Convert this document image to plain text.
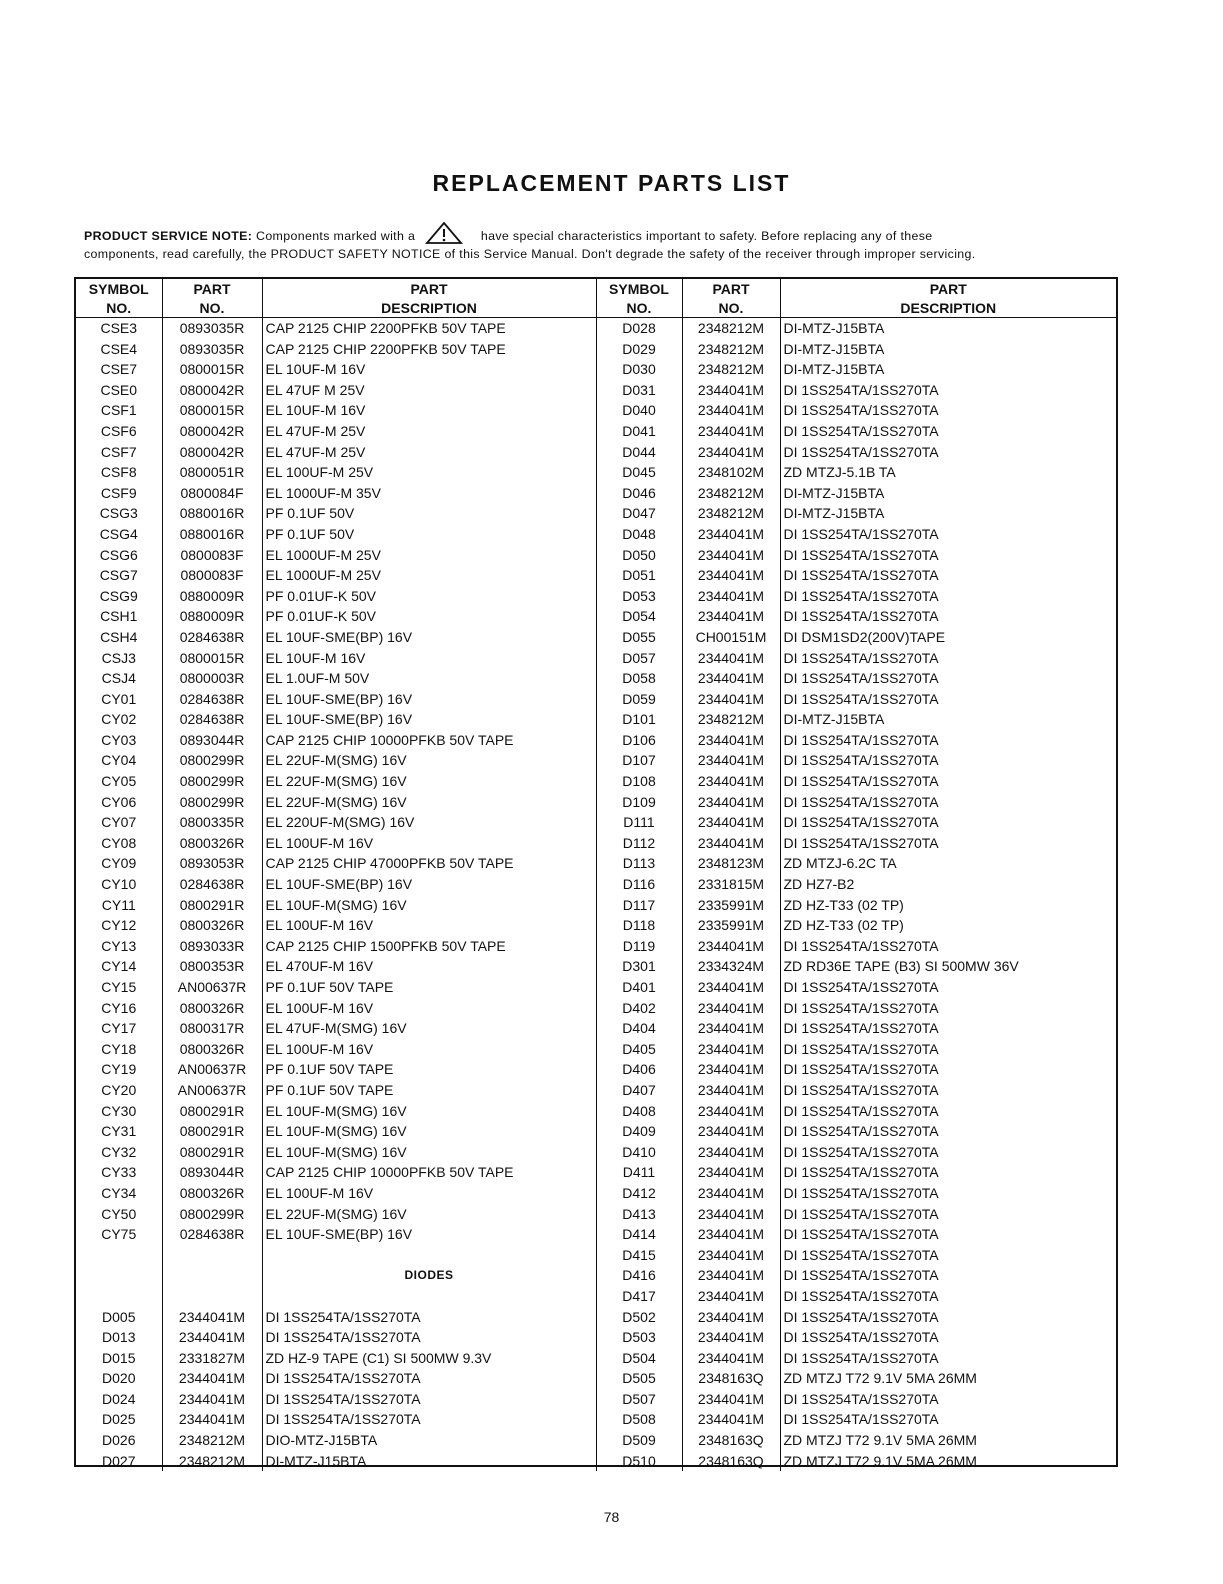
REPLACEMENT PARTS LIST
PRODUCT SERVICE NOTE: Components marked with a	have special characteristics important to safety. Before replacing any of these
components, read carefully, the PRODUCT SAFETY NOTICE of this Service Manual. Don't degrade the safety of the receiver through improper servicing.
SYMBOL	PART	PART	SYMBOL	PART	PART
NO.	NO.	DESCRIPTION	NO.	NO.	DESCRIPTION
CSE3	0893035R	CAP 2125 CHIP 2200PFKB 50V TAPE	D028	2348212M	DI-MTZ-J15BTA
CSE4	0893035R	CAP 2125 CHIP 2200PFKB 50V TAPE	D029	2348212M	DI-MTZ-J15BTA
CSE7	0800015R	EL 10UF-M 16V	D030	2348212M	DI-MTZ-J15BTA
CSE0	0800042R	EL 47UF M 25V	D031	2344041M	DI 1SS254TA/1SS270TA
CSF1	0800015R	EL 10UF-M 16V	D040	2344041M	DI 1SS254TA/1SS270TA
CSF6	0800042R	EL 47UF-M 25V	D041	2344041M	DI 1SS254TA/1SS270TA
CSF7	0800042R	EL 47UF-M 25V	D044	2344041M	DI 1SS254TA/1SS270TA
CSF8	0800051R	EL 100UF-M 25V	D045	2348102M	ZD MTZJ-5.1B TA
CSF9	0800084F	EL 1000UF-M 35V	D046	2348212M	DI-MTZ-J15BTA
CSG3	0880016R	PF 0.1UF 50V	D047	2348212M	DI-MTZ-J15BTA
CSG4	0880016R	PF 0.1UF 50V	D048	2344041M	DI 1SS254TA/1SS270TA
CSG6	0800083F	EL 1000UF-M 25V	D050	2344041M	DI 1SS254TA/1SS270TA
CSG7	0800083F	EL 1000UF-M 25V	D051	2344041M	DI 1SS254TA/1SS270TA
CSG9	0880009R	PF 0.01UF-K 50V	D053	2344041M	DI 1SS254TA/1SS270TA
CSH1	0880009R	PF 0.01UF-K 50V	D054	2344041M	DI 1SS254TA/1SS270TA
CSH4	0284638R	EL 10UF-SME(BP) 16V	D055	CH00151M	DI DSM1SD2(200V)TAPE
CSJ3	0800015R	EL 10UF-M 16V	D057	2344041M	DI 1SS254TA/1SS270TA
CSJ4	0800003R	EL 1.0UF-M 50V	D058	2344041M	DI 1SS254TA/1SS270TA
CY01	0284638R	EL 10UF-SME(BP) 16V	D059	2344041M	DI 1SS254TA/1SS270TA
CY02	0284638R	EL 10UF-SME(BP) 16V	D101	2348212M	DI-MTZ-J15BTA
CY03	0893044R	CAP 2125 CHIP 10000PFKB 50V TAPE	D106	2344041M	DI 1SS254TA/1SS270TA
CY04	0800299R	EL 22UF-M(SMG) 16V	D107	2344041M	DI 1SS254TA/1SS270TA
CY05	0800299R	EL 22UF-M(SMG) 16V	D108	2344041M	DI 1SS254TA/1SS270TA
CY06	0800299R	EL 22UF-M(SMG) 16V	D109	2344041M	DI 1SS254TA/1SS270TA
CY07	0800335R	EL 220UF-M(SMG) 16V	D111	2344041M	DI 1SS254TA/1SS270TA
CY08	0800326R	EL 100UF-M 16V	D112	2344041M	DI 1SS254TA/1SS270TA
CY09	0893053R	CAP 2125 CHIP 47000PFKB 50V TAPE	D113	2348123M	ZD MTZJ-6.2C TA
CY10	0284638R	EL 10UF-SME(BP) 16V	D116	2331815M	ZD HZ7-B2
CY11	0800291R	EL 10UF-M(SMG) 16V	D117	2335991M	ZD HZ-T33 (02 TP)
CY12	0800326R	EL 100UF-M 16V	D118	2335991M	ZD HZ-T33 (02 TP)
CY13	0893033R	CAP 2125 CHIP 1500PFKB 50V TAPE	D119	2344041M	DI 1SS254TA/1SS270TA
CY14	0800353R	EL 470UF-M 16V	D301	2334324M	ZD RD36E TAPE (B3) SI 500MW 36V
CY15	AN00637R	PF 0.1UF 50V TAPE	D401	2344041M	DI 1SS254TA/1SS270TA
CY16	0800326R	EL 100UF-M 16V	D402	2344041M	DI 1SS254TA/1SS270TA
CY17	0800317R	EL 47UF-M(SMG) 16V	D404	2344041M	DI 1SS254TA/1SS270TA
CY18	0800326R	EL 100UF-M 16V	D405	2344041M	DI 1SS254TA/1SS270TA
CY19	AN00637R	PF 0.1UF 50V TAPE	D406	2344041M	DI 1SS254TA/1SS270TA
CY20	AN00637R	PF 0.1UF 50V TAPE	D407	2344041M	DI 1SS254TA/1SS270TA
CY30	0800291R	EL 10UF-M(SMG) 16V	D408	2344041M	DI 1SS254TA/1SS270TA
CY31	0800291R	EL 10UF-M(SMG) 16V	D409	2344041M	DI 1SS254TA/1SS270TA
CY32	0800291R	EL 10UF-M(SMG) 16V	D410	2344041M	DI 1SS254TA/1SS270TA
CY33	0893044R	CAP 2125 CHIP 10000PFKB 50V TAPE	D411	2344041M	DI 1SS254TA/1SS270TA
CY34	0800326R	EL 100UF-M 16V	D412	2344041M	DI 1SS254TA/1SS270TA
CY50	0800299R	EL 22UF-M(SMG) 16V	D413	2344041M	DI 1SS254TA/1SS270TA
CY75	0284638R	EL 10UF-SME(BP) 16V	D414	2344041M	DI 1SS254TA/1SS270TA
			D415	2344041M	DI 1SS254TA/1SS270TA
		DIODES	D416	2344041M	DI 1SS254TA/1SS270TA
			D417	2344041M	DI 1SS254TA/1SS270TA
D005	2344041M	DI 1SS254TA/1SS270TA	D502	2344041M	DI 1SS254TA/1SS270TA
D013	2344041M	DI 1SS254TA/1SS270TA	D503	2344041M	DI 1SS254TA/1SS270TA
D015	2331827M	ZD HZ-9 TAPE (C1) SI 500MW 9.3V	D504	2344041M	DI 1SS254TA/1SS270TA
D020	2344041M	DI 1SS254TA/1SS270TA	D505	2348163Q	ZD MTZJ T72 9.1V 5MA 26MM
D024	2344041M	DI 1SS254TA/1SS270TA	D507	2344041M	DI 1SS254TA/1SS270TA
D025	2344041M	DI 1SS254TA/1SS270TA	D508	2344041M	DI 1SS254TA/1SS270TA
D026	2348212M	DIO-MTZ-J15BTA	D509	2348163Q	ZD MTZJ T72 9.1V 5MA 26MM
D027	2348212M	DI-MTZ-J15BTA	D510	2348163Q	ZD MTZJ T72 9.1V 5MA 26MM
78
